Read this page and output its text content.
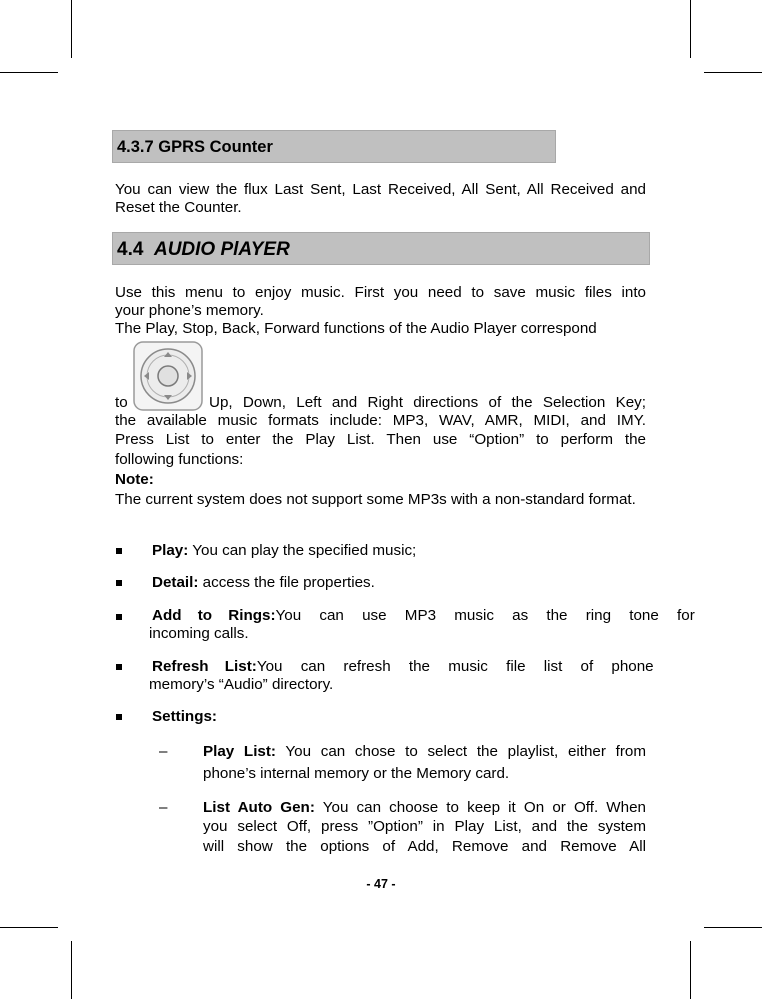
4.3.7 GPRS Counter
You can view the flux Last Sent, Last Received, All Sent, All Received and Reset the Counter.
4.4 AUDIO PlAYER
Use this menu to enjoy music. First you need to save music files into
your phone’s memory.
The Play, Stop, Back, Forward functions of the Audio Player correspond
to	Up, Down, Left and Right directions of the Selection Key;
the available music formats include: MP3, WAV, AMR, MIDI, and IMY.
Press List to enter the Play List. Then use “Option” to perform the
following functions:
Note:
The current system does not support some MP3s with a non-standard format.
Play: You can play the specified music;
Detail: access the file properties.
Add to Rings: You can use MP3 music as the ring tone for
incoming calls.
Refresh List: You can refresh the music file list of phone
memory’s “Audio” directory.
Settings:
– Play List: You can chose to select the playlist, either from
phone’s internal memory or the Memory card.
– List Auto Gen: You can choose to keep it On or Off. When
you select Off, press ”Option” in Play List, and the system
will show the options of Add, Remove and Remove All
- 47 -
